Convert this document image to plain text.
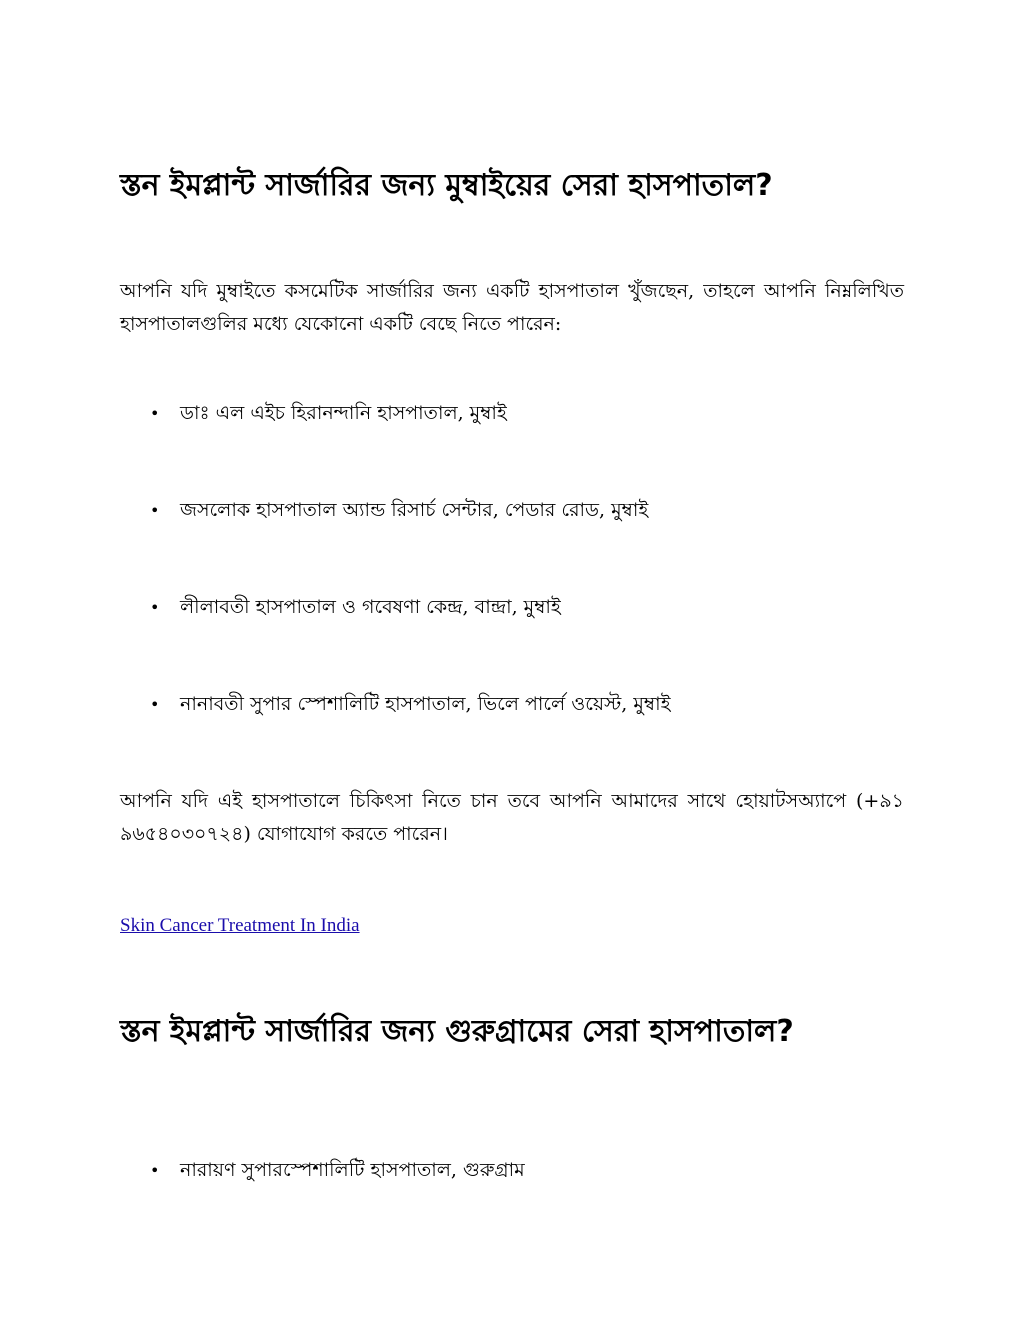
স্তন ইমপ্লান্ট সার্জারির জন্য মুম্বাইয়ের সেরা হাসপাতাল?

আপনি যদি মুম্বাইতে কসমেটিক সার্জারির জন্য একটি হাসপাতাল খুঁজছেন, তাহলে আপনি নিম্নলিখিত হাসপাতালগুলির মধ্যে যেকোনো একটি বেছে নিতে পারেন:

• ডাঃ এল এইচ হিরানন্দানি হাসপাতাল, মুম্বাই
• জসলোক হাসপাতাল অ্যান্ড রিসার্চ সেন্টার, পেডার রোড, মুম্বাই
• লীলাবতী হাসপাতাল ও গবেষণা কেন্দ্র, বান্দ্রা, মুম্বাই
• নানাবতী সুপার স্পেশালিটি হাসপাতাল, ভিলে পার্লে ওয়েস্ট, মুম্বাই

আপনি যদি এই হাসপাতালে চিকিৎসা নিতে চান তবে আপনি আমাদের সাথে হোয়াটসঅ্যাপে (+৯১ ৯৬৫৪০৩০৭২৪) যোগাযোগ করতে পারেন।

Skin Cancer Treatment In India
স্তন ইমপ্লান্ট সার্জারির জন্য গুরুগ্রামের সেরা হাসপাতাল?
• নারায়ণ সুপারস্পেশালিটি হাসপাতাল, গুরুগ্রাম
